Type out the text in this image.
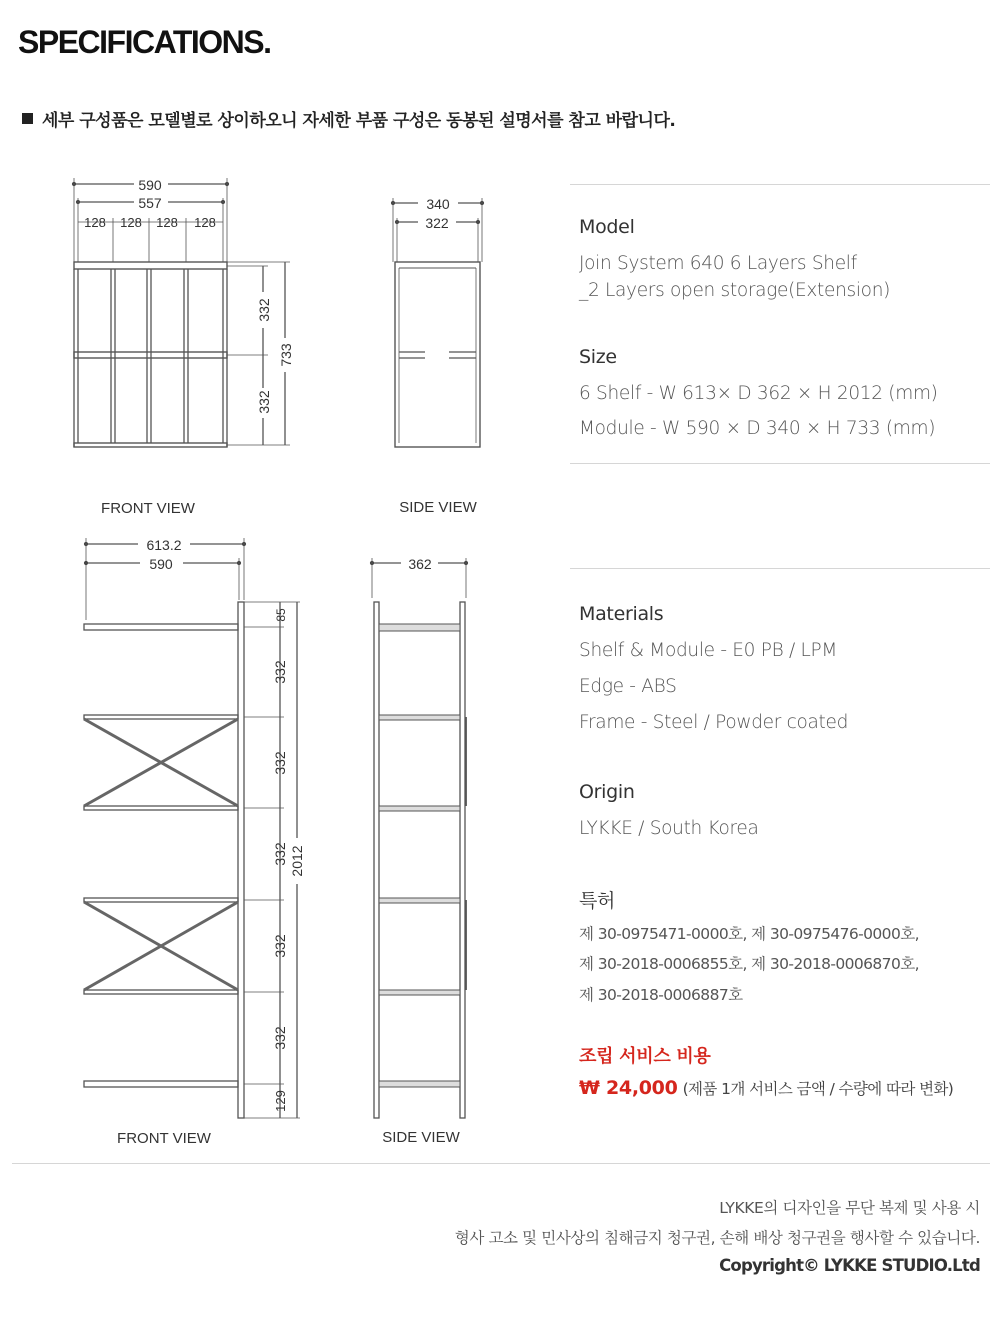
SPECIFICATIONS.
세부 구성품은 모델별로 상이하오니 자세한 부품 구성은 동봉된 설명서를 참고 바랍니다.
590
557
128 128 128 128
332
332
733
FRONT VIEW
340
322
SIDE VIEW
613.2
590
85
332
332
332
332
332
129
2012
FRONT VIEW
362
SIDE VIEW
Model
Join System 640 6 Layers Shelf
_2 Layers open storage(Extension)
Size
6 Shelf - W 613× D 362 × H 2012 (mm)
Module - W 590 × D 340 × H 733 (mm)
Materials
Shelf & Module - E0 PB / LPM
Edge - ABS
Frame - Steel / Powder coated
Origin
LYKKE / South Korea
특허
제 30-0975471-0000호, 제 30-0975476-0000호,
제 30-2018-0006855호, 제 30-2018-0006870호,
제 30-2018-0006887호
조립 서비스 비용
₩ 24,000 (제품 1개 서비스 금액 / 수량에 따라 변화)
LYKKE의 디자인을 무단 복제 및 사용 시
형사 고소 및 민사상의 침해금지 청구권, 손해 배상 청구권을 행사할 수 있습니다.
Copyright© LYKKE STUDIO.Ltd
